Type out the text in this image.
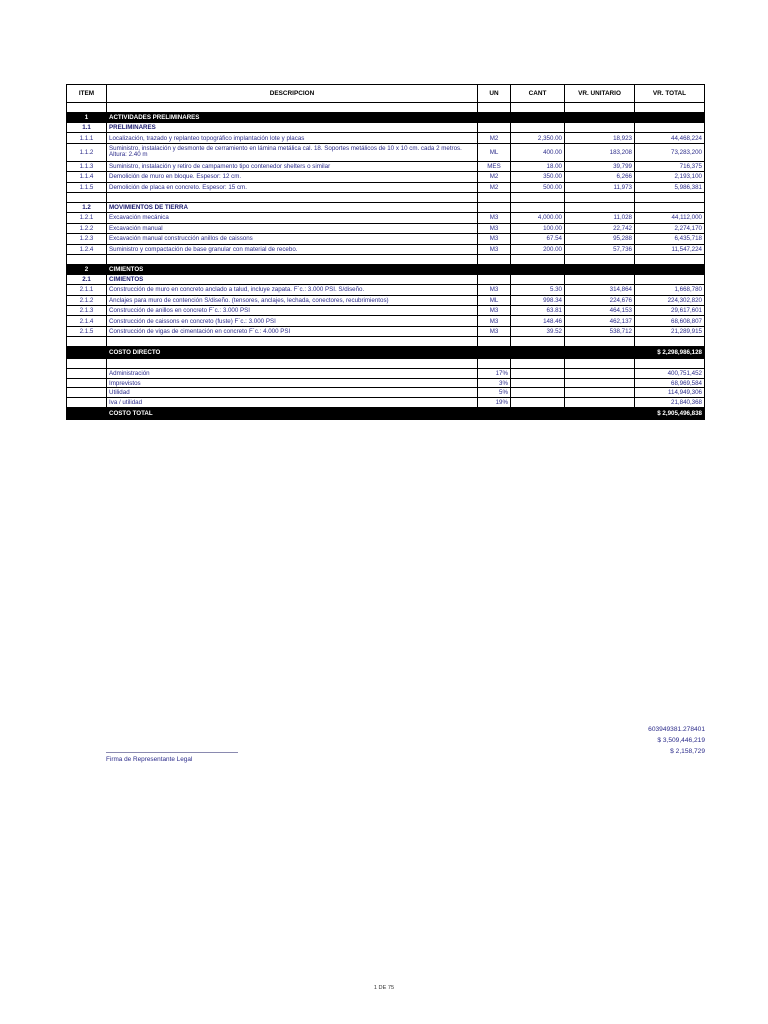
ITEM	DESCRIPCION	UN	CANT	VR. UNITARIO	VR. TOTAL

1	ACTIVIDADES PRELIMINARES				
1.1	PRELIMINARES				
1.1.1	Localización, trazado y replanteo topográfico implantación lote y placas	M2	2,350.00	18,923	44,468,224
1.1.2	Suministro, instalación y desmonte de cerramiento en lámina metálica cal. 18. Soportes metálicos de 10 x 10 cm. cada 2 metros. Altura: 2.40 m	ML	400.00	183,208	73,283,200
1.1.3	Suministro, instalación y retiro de campamento tipo contenedor shelters o similar	MES	18.00	39,799	716,375
1.1.4	Demolición de muro en bloque. Espesor: 12 cm.	M2	350.00	6,266	2,193,100
1.1.5	Demolición de placa en concreto. Espesor: 15 cm.	M2	500.00	11,973	5,986,381

1.2	MOVIMIENTOS DE TIERRA				
1.2.1	Excavación mecánica	M3	4,000.00	11,028	44,112,000
1.2.2	Excavación manual	M3	100.00	22,742	2,274,170
1.2.3	Excavación manual construcción anillos de caissons	M3	67.54	95,288	6,435,718
1.2.4	Suministro y compactación de base granular con material de recebo.	M3	200.00	57,736	11,547,224

2	CIMIENTOS				
2.1	CIMIENTOS				
2.1.1	Construcción de muro en concreto anclado a talud, incluye zapata. F´c.: 3.000 PSI. S/diseño.	M3	5.30	314,864	1,668,780
2.1.2	Anclajes para muro de contención S/diseño. (tensores, anclajes, lechada, conectores, recubrimientos)	ML	998.34	224,676	224,302,820
2.1.3	Construcción de anillos en concreto F´c.: 3.000 PSI	M3	63.81	464,153	29,617,601
2.1.4	Construcción de caissons en concreto (fuste) F´c.: 3.000 PSI	M3	148.46	462,137	68,608,807
2.1.5	Construcción de vigas de cimentación en concreto F´c.: 4.000 PSI	M3	39.52	538,712	21,289,915

	COSTO DIRECTO				$ 2,298,986,128

	Administración	17%			400,751,452
	Imprevistos	3%			68,969,584
	Utilidad	5%			114,949,306
	Iva / utilidad	19%			21,840,368
	COSTO TOTAL				$ 2,905,496,838
603949381.278401
$ 3,509,446,219
$ 2,158,729
Firma de Representante Legal
1 DE 75
